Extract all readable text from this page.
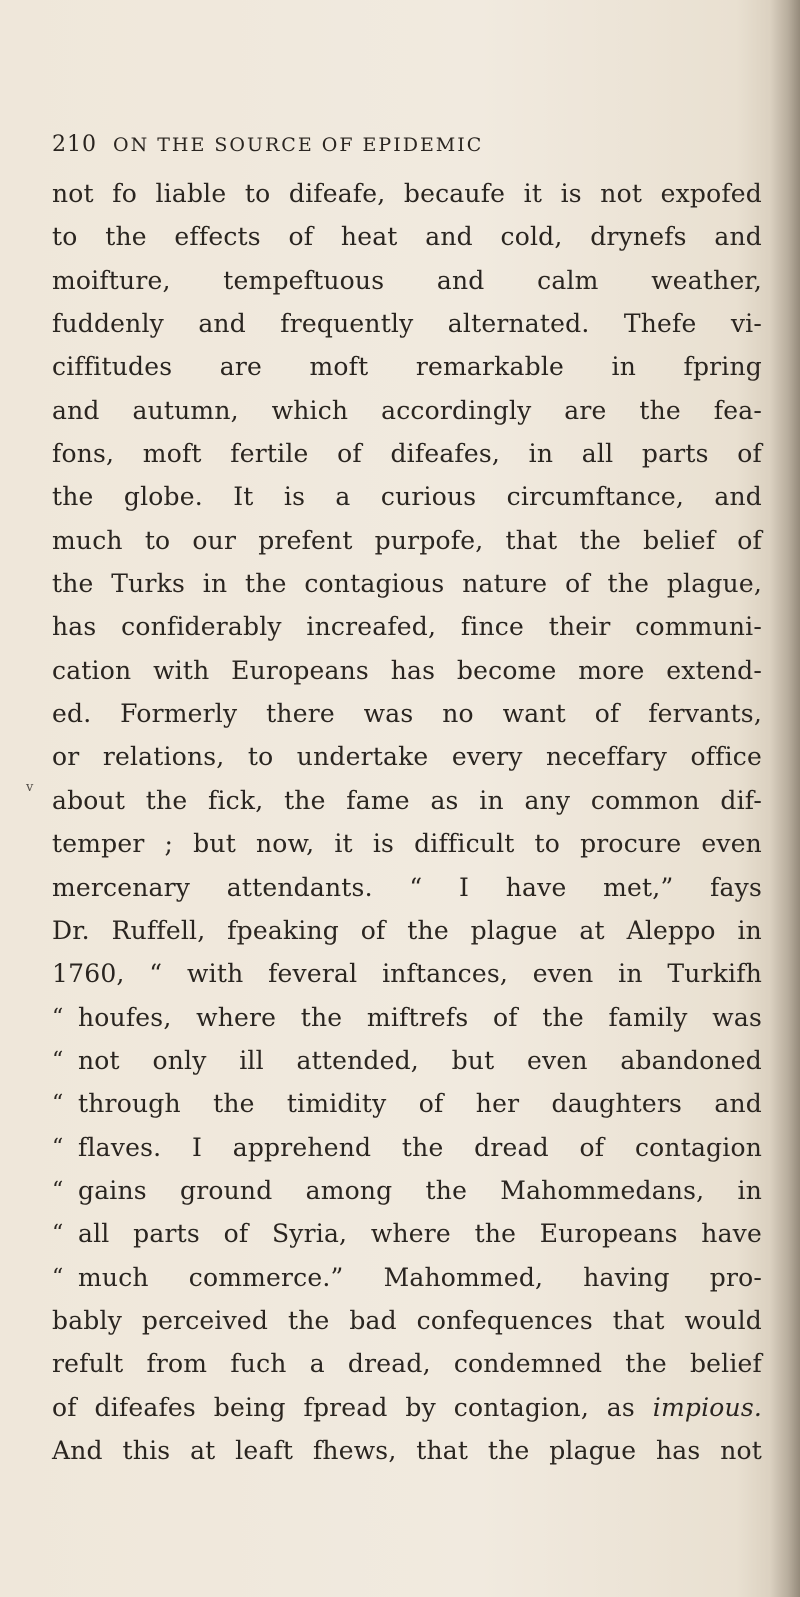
210 ON THE SOURCE OF EPIDEMIC
v
not fo liable to difeafe, becaufe it is not expofed
to the effects of heat and cold, drynefs and
moifture, tempeftuous and calm weather,
fuddenly and frequently alternated. Thefe vi-
ciffitudes are moft remarkable in fpring
and autumn, which accordingly are the fea-
fons, moft fertile of difeafes, in all parts of
the globe. It is a curious circumftance, and
much to our prefent purpofe, that the belief of
the Turks in the contagious nature of the plague,
has confiderably increafed, fince their communi-
cation with Europeans has become more extend-
ed. Formerly there was no want of fervants,
or relations, to undertake every neceffary office
about the fick, the fame as in any common dif-
temper ; but now, it is difficult to procure even
mercenary attendants. “ I have met,” fays
Dr. Ruffell, fpeaking of the plague at Aleppo in
1760, “ with feveral inftances, even in Turkifh
“ houfes, where the miftrefs of the family was
“ not only ill attended, but even abandoned
“ through the timidity of her daughters and
“ flaves. I apprehend the dread of contagion
“ gains ground among the Mahommedans, in
“ all parts of Syria, where the Europeans have
“ much commerce.” Mahommed, having pro-
bably perceived the bad confequences that would
refult from fuch a dread, condemned the belief
of difeafes being fpread by contagion, as impious.
And this at leaft fhews, that the plague has not
